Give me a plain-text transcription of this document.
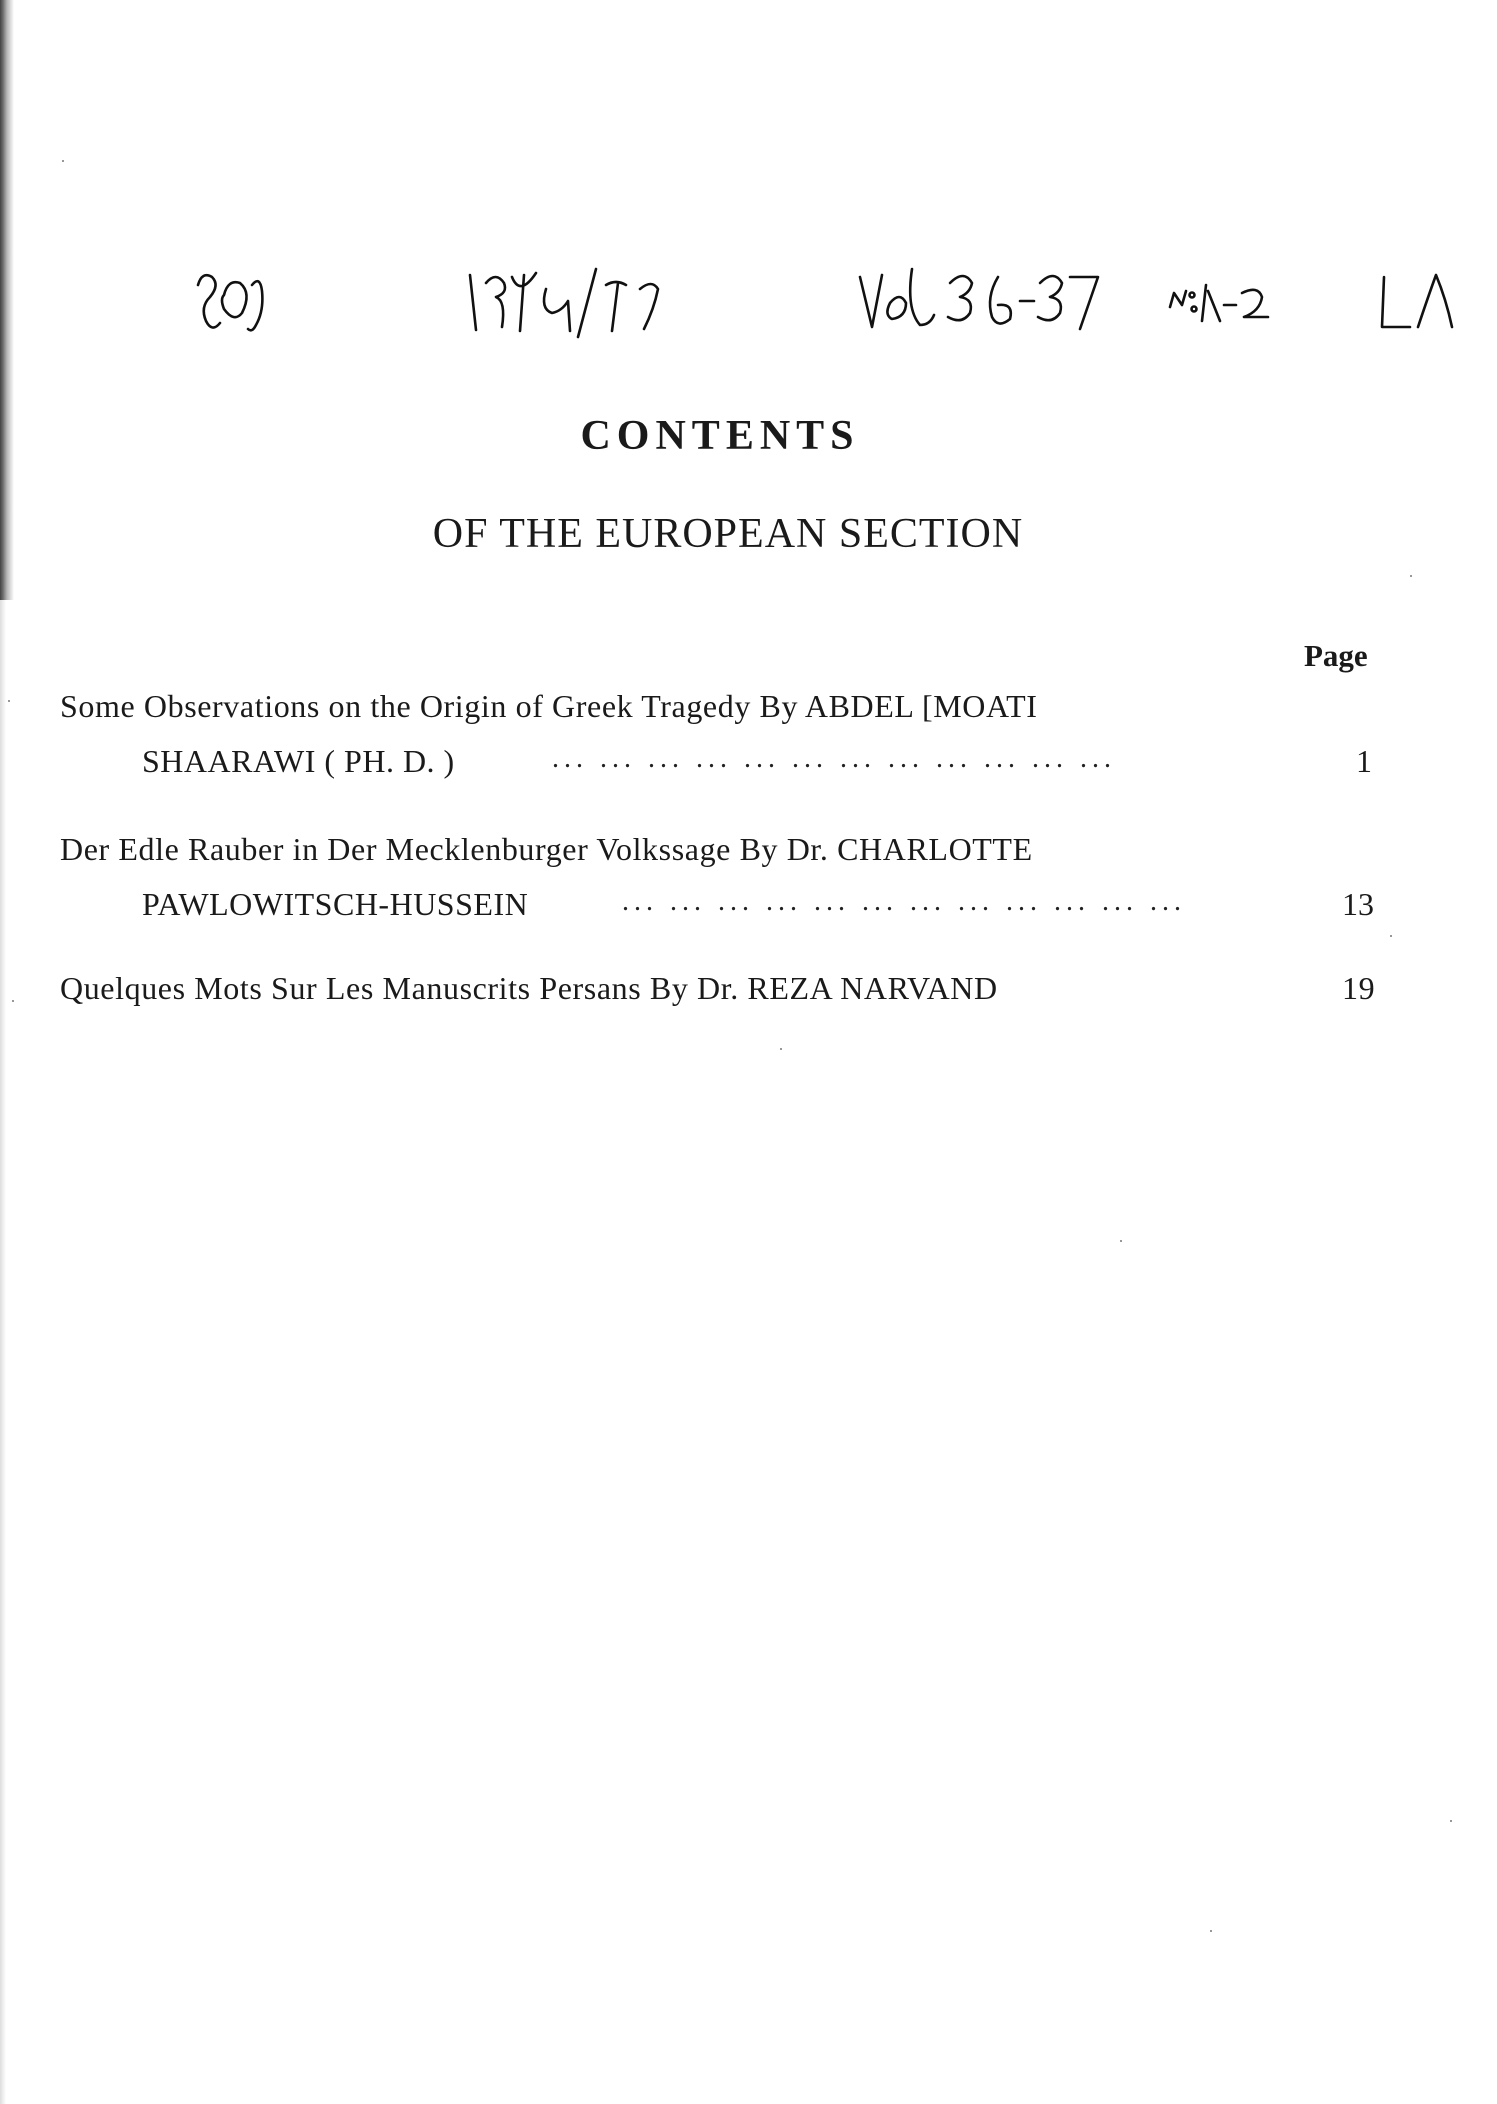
CONTENTS
OF THE EUROPEAN SECTION
Page
Some Observations on the Origin of Greek Tragedy By ABDEL [MOATI
SHAARAWI ( PH. D. )	... ... ... ... ... ... ... ... ... ... ... ...	1
Der Edle Rauber in Der Mecklenburger Volkssage By Dr. CHARLOTTE
PAWLOWITSCH-HUSSEIN	... ... ... ... ... ... ... ... ... ... ... ...	13
Quelques Mots Sur Les Manuscrits Persans By Dr. REZA NARVAND	19
